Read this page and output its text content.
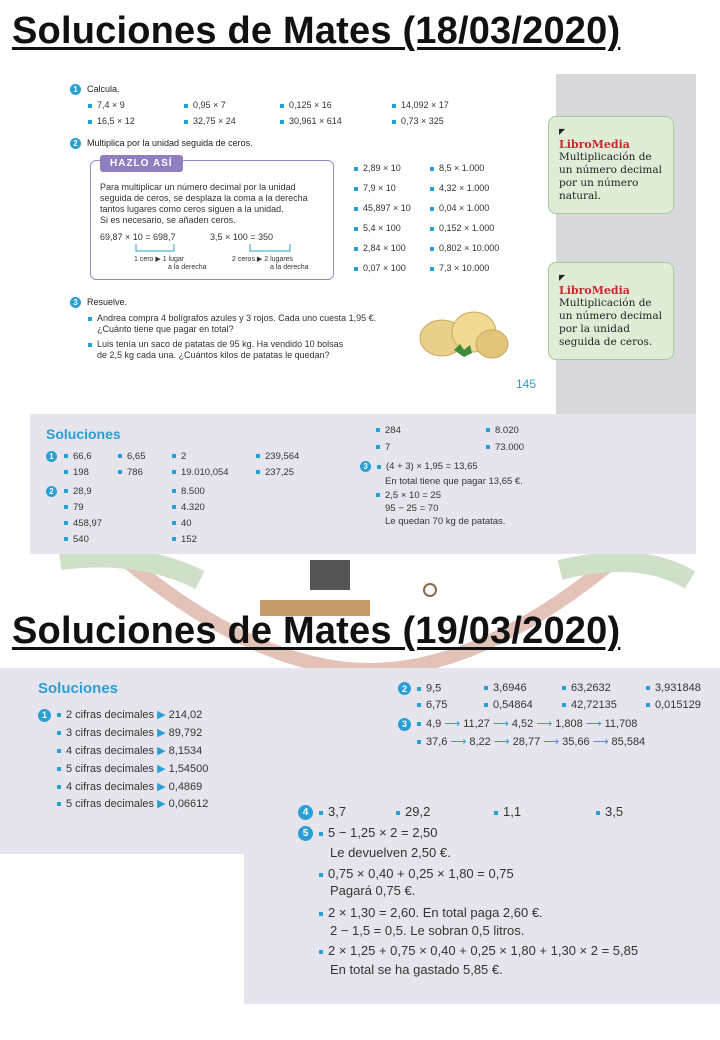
Soluciones de Mates (18/03/2020)
1 Calcula.
7,4 × 9	0,95 × 7	0,125 × 16	14,092 × 17
16,5 × 12	32,75 × 24	30,961 × 614	0,73 × 325
2 Multiplica por la unidad seguida de ceros.
HAZLO ASÍ
Para multiplicar un número decimal por la unidad
seguida de ceros, se desplaza la coma a la derecha
tantos lugares como ceros siguen a la unidad.
Si es necesario, se añaden ceros.
69,87 × 10 = 698,7	3,5 × 100 = 350
1 cero ▶ 1 lugar
a la derecha
2 ceros ▶ 2 lugares
a la derecha
2,89 × 10	8,5 × 1.000
7,9 × 10	4,32 × 1.000
45,897 × 10	0,04 × 1.000
5,4 × 100	0,152 × 1.000
2,84 × 100	0,802 × 10.000
0,07 × 100	7,3 × 10.000
3 Resuelve.
Andrea compra 4 bolígrafos azules y 3 rojos. Cada uno cuesta 1,95 €.
¿Cuánto tiene que pagar en total?
Luis tenía un saco de patatas de 95 kg. Ha vendido 10 bolsas
de 2,5 kg cada una. ¿Cuántos kilos de patatas le quedan?
145
◤
LibroMedia
Multiplicación de
un número decimal
por un número
natural.
◤
LibroMedia
Multiplicación de
un número decimal
por la unidad
seguida de ceros.
Soluciones
1	66,6	6,65	2	239,564
198	786	19.010,054	237,25
2	28,9	8.500
79	4.320
458,97	40
540	152
284	8.020
7	73.000
3 (4 + 3) × 1,95 = 13,65
En total tiene que pagar 13,65 €.
2,5 × 10 = 25
95 − 25 = 70
Le quedan 70 kg de patatas.
Soluciones de Mates (19/03/2020)
Soluciones
1 2 cifras decimales ▶ 214,02
3 cifras decimales ▶ 89,792
4 cifras decimales ▶ 8,1534
5 cifras decimales ▶ 1,54500
4 cifras decimales ▶ 0,4869
5 cifras decimales ▶ 0,06612
2 9,5	3,6946	63,2632	3,931848
6,75	0,54864	42,72135	0,015129
3 4,9 ⟶ 11,27 ⟶ 4,52 ⟶ 1,808 ⟶ 11,708
37,6 ⟶ 8,22 ⟶ 28,77 ⟶ 35,66 ⟶ 85,584
4 3,7	29,2	1,1	3,5
5 5 − 1,25 × 2 = 2,50
Le devuelven 2,50 €.
0,75 × 0,40 + 0,25 × 1,80 = 0,75
Pagará 0,75 €.
2 × 1,30 = 2,60. En total paga 2,60 €.
2 − 1,5 = 0,5. Le sobran 0,5 litros.
2 × 1,25 + 0,75 × 0,40 + 0,25 × 1,80 + 1,30 × 2 = 5,85
En total se ha gastado 5,85 €.
